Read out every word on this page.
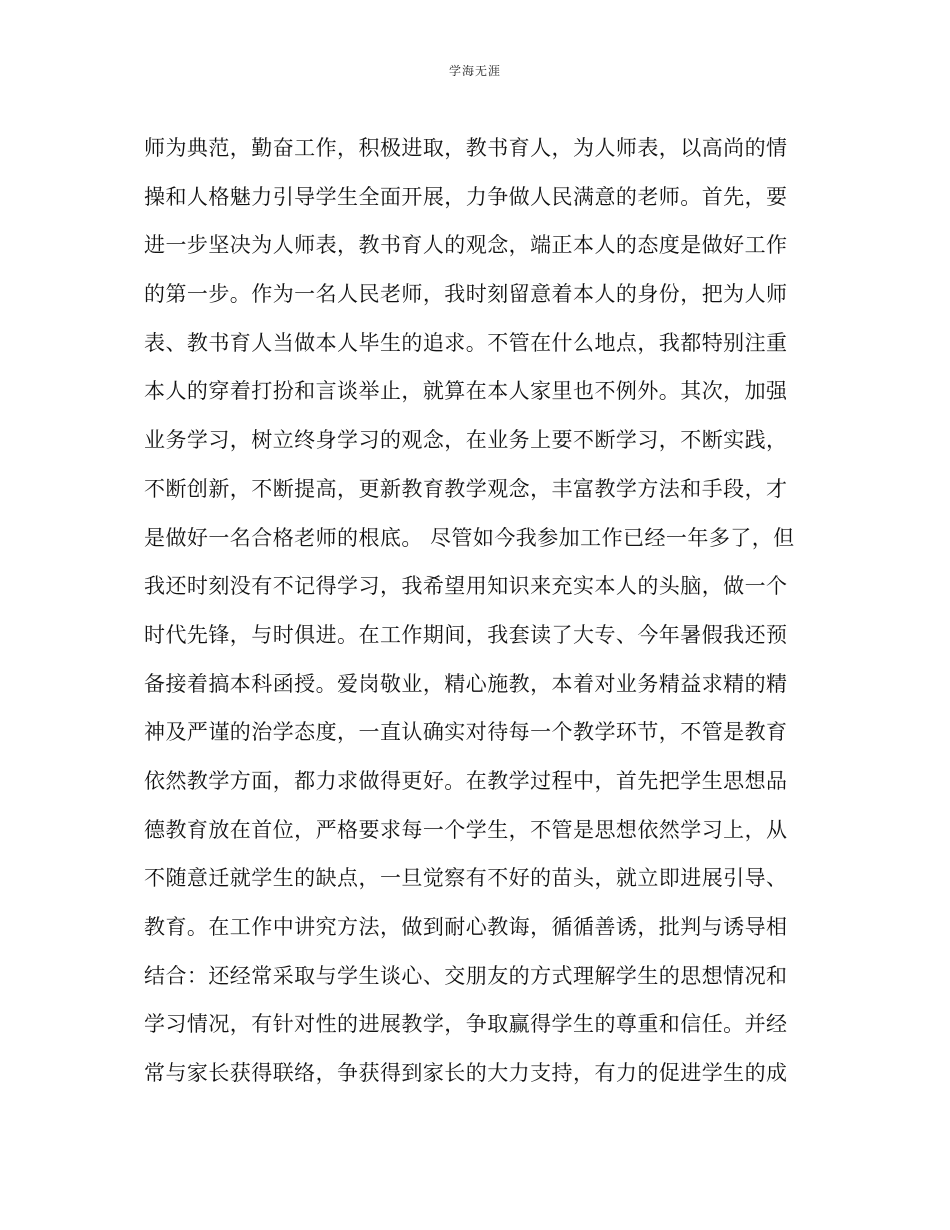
学海无涯
师为典范，勤奋工作，积极进取，教书育人，为人师表，以高尚的情
操和人格魅力引导学生全面开展，力争做人民满意的老师。首先，要
进一步坚决为人师表，教书育人的观念，端正本人的态度是做好工作
的第一步。作为一名人民老师，我时刻留意着本人的身份，把为人师
表、教书育人当做本人毕生的追求。不管在什么地点，我都特别注重
本人的穿着打扮和言谈举止，就算在本人家里也不例外。其次，加强
业务学习，树立终身学习的观念，在业务上要不断学习，不断实践，
不断创新，不断提高，更新教育教学观念，丰富教学方法和手段，才
是做好一名合格老师的根底。 尽管如今我参加工作已经一年多了，但
我还时刻没有不记得学习，我希望用知识来充实本人的头脑，做一个
时代先锋，与时俱进。在工作期间，我套读了大专、今年暑假我还预
备接着搞本科函授。爱岗敬业，精心施教，本着对业务精益求精的精
神及严谨的治学态度，一直认确实对待每一个教学环节，不管是教育
依然教学方面，都力求做得更好。在教学过程中，首先把学生思想品
德教育放在首位，严格要求每一个学生，不管是思想依然学习上，从
不随意迁就学生的缺点，一旦觉察有不好的苗头，就立即进展引导、
教育。在工作中讲究方法，做到耐心教诲，循循善诱，批判与诱导相
结合：还经常采取与学生谈心、交朋友的方式理解学生的思想情况和
学习情况，有针对性的进展教学，争取赢得学生的尊重和信任。并经
常与家长获得联络，争获得到家长的大力支持，有力的促进学生的成
